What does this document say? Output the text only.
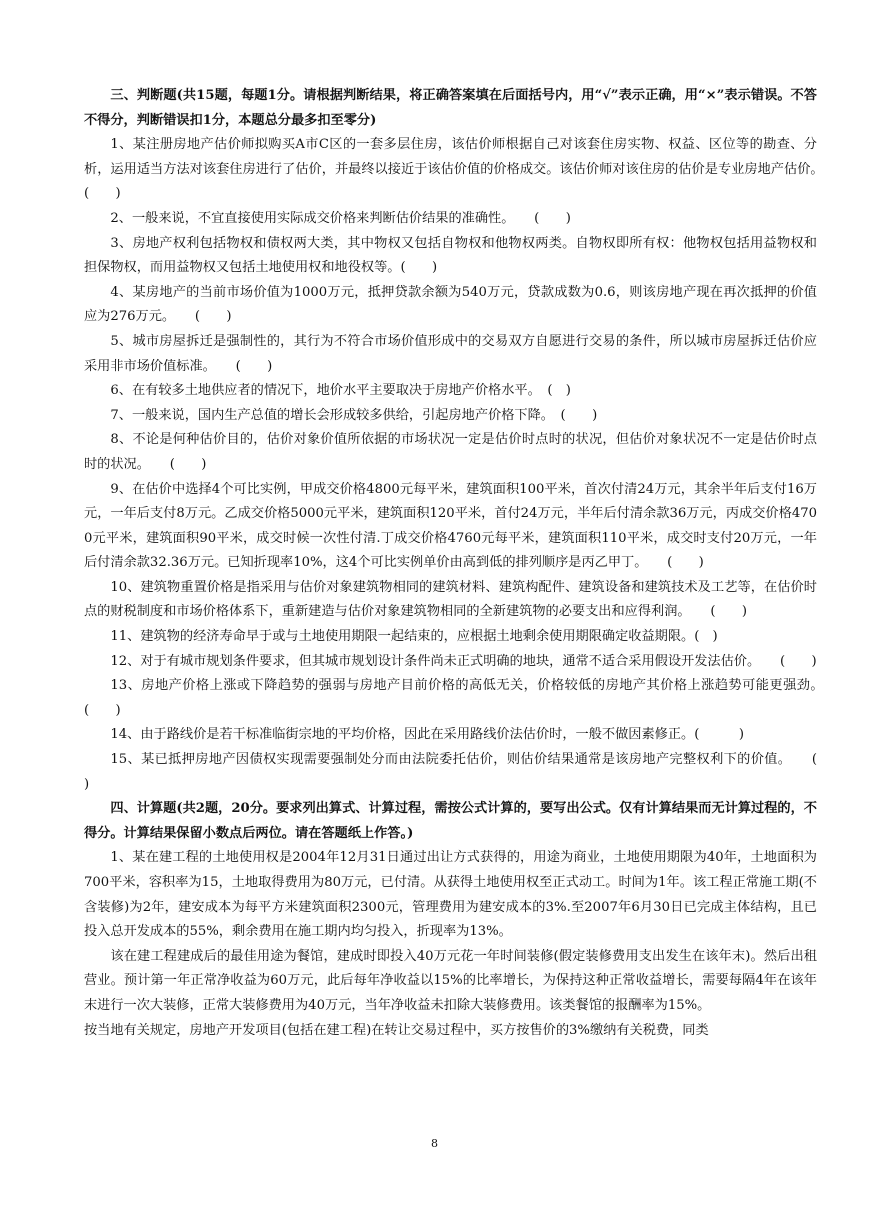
三、判断题(共15题，每题1分。请根据判断结果，将正确答案填在后面括号内，用“√”表示正确，用“×”表示错误。不答不得分，判断错误扣1分，本题总分最多扣至零分)

1、某注册房地产估价师拟购买A市C区的一套多层住房，该估价师根据自己对该套住房实物、权益、区位等的勘查、分析，运用适当方法对该套住房进行了估价，并最终以接近于该估价值的价格成交。该估价师对该住房的估价是专业房地产估价。　　(　　)

2、一般来说，不宜直接使用实际成交价格来判断估价结果的准确性。　　(　　)

3、房地产权利包括物权和债权两大类，其中物权又包括自物权和他物权两类。自物权即所有权：他物权包括用益物权和担保物权，而用益物权又包括土地使用权和地役权等。(　　)

4、某房地产的当前市场价值为1000万元，抵押贷款余额为540万元，贷款成数为0.6，则该房地产现在再次抵押的价值应为276万元。　　(　　)

5、城市房屋拆迁是强制性的，其行为不符合市场价值形成中的交易双方自愿进行交易的条件，所以城市房屋拆迁估价应采用非市场价值标准。　　(　　)

6、在有较多土地供应者的情况下，地价水平主要取决于房地产价格水平。　(　)

7、一般来说，国内生产总值的增长会形成较多供给，引起房地产价格下降。　(　　)

8、不论是何种估价目的，估价对象价值所依据的市场状况一定是估价时点时的状况，但估价对象状况不一定是估价时点时的状况。　　(　　)

9、在估价中选择4个可比实例，甲成交价格4800元每平米，建筑面积100平米，首次付清24万元，其余半年后支付16万元，一年后支付8万元。乙成交价格5000元平米，建筑面积120平米，首付24万元，半年后付清余款36万元，丙成交价格4700元平米，建筑面积90平米，成交时候一次性付清.丁成交价格4760元每平米，建筑面积110平米，成交时支付20万元，一年后付清余款32.36万元。已知折现率10%，这4个可比实例单价由高到低的排列顺序是丙乙甲丁。　　(　　)

10、建筑物重置价格是指采用与估价对象建筑物相同的建筑材料、建筑构配件、建筑设备和建筑技术及工艺等，在估价时点的财税制度和市场价格体系下，重新建造与估价对象建筑物相同的全新建筑物的必要支出和应得利润。　　(　　)

11、建筑物的经济寿命早于或与土地使用期限一起结束的，应根据土地剩余使用期限确定收益期限。(　)

12、对于有城市规划条件要求，但其城市规划设计条件尚未正式明确的地块，通常不适合采用假设开发法估价。　　(　　)

13、房地产价格上涨或下降趋势的强弱与房地产目前价格的高低无关，价格较低的房地产其价格上涨趋势可能更强劲。　　(　　)

14、由于路线价是若干标准临街宗地的平均价格，因此在采用路线价法估价时，一般不做因素修正。(　　　)

15、某已抵押房地产因债权实现需要强制处分而由法院委托估价，则估价结果通常是该房地产完整权利下的价值。　　(　　)

四、计算题(共2题，20分。要求列出算式、计算过程，需按公式计算的，要写出公式。仅有计算结果而无计算过程的，不得分。计算结果保留小数点后两位。请在答题纸上作答。)

1、某在建工程的土地使用权是2004年12月31日通过出让方式获得的，用途为商业，土地使用期限为40年，土地面积为700平米，容积率为15，土地取得费用为80万元，已付清。从获得土地使用权至正式动工。时间为1年。该工程正常施工期(不含装修)为2年，建安成本为每平方米建筑面积2300元，管理费用为建安成本的3%.至2007年6月30日已完成主体结构，且已投入总开发成本的55%，剩余费用在施工期内均匀投入，折现率为13%。

该在建工程建成后的最佳用途为餐馆，建成时即投入40万元花一年时间装修(假定装修费用支出发生在该年末)。然后出租营业。预计第一年正常净收益为60万元，此后每年净收益以15%的比率增长，为保持这种正常收益增长，需要每隔4年在该年末进行一次大装修，正常大装修费用为40万元，当年净收益未扣除大装修费用。该类餐馆的报酬率为15%。

按当地有关规定，房地产开发项目(包括在建工程)在转让交易过程中，买方按售价的3%缴纳有关税费，同类

8
